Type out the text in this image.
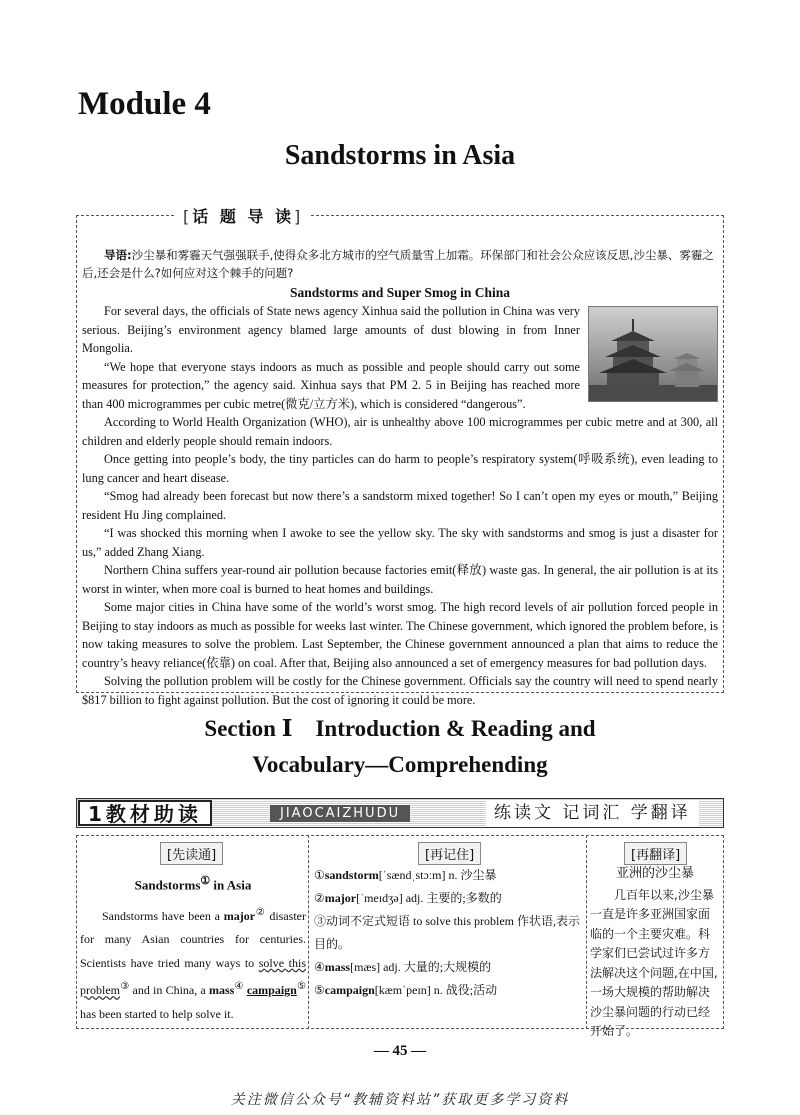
Module 4
Sandstorms in Asia
[话 题 导 读]
导语:沙尘暴和雾霾天气强强联手,使得众多北方城市的空气质量雪上加霜。环保部门和社会公众应该反思,沙尘暴、雾霾之后,还会是什么?如何应对这个棘手的问题?
Sandstorms and Super Smog in China

For several days, the officials of State news agency Xinhua said the pollution in China was very serious. Beijing’s environment agency blamed large amounts of dust blowing in from Inner Mongolia.

“We hope that everyone stays indoors as much as possible and people should carry out some measures for protection,” the agency said. Xinhua says that PM 2. 5 in Beijing has reached more than 400 microgrammes per cubic metre(微克/立方米), which is considered “dangerous”.

According to World Health Organization (WHO), air is unhealthy above 100 microgrammes per cubic metre and at 300, all children and elderly people should remain indoors.

Once getting into people’s body, the tiny particles can do harm to people’s respiratory system(呼吸系统), even leading to lung cancer and heart disease.

“Smog had already been forecast but now there’s a sandstorm mixed together! So I can’t open my eyes or mouth,” Beijing resident Hu Jing complained.

“I was shocked this morning when I awoke to see the yellow sky. The sky with sandstorms and smog is just a disaster for us,” added Zhang Xiang.

Northern China suffers year-round air pollution because factories emit(释放) waste gas. In general, the air pollution is at its worst in winter, when more coal is burned to heat homes and buildings.

Some major cities in China have some of the world’s worst smog. The high record levels of air pollution forced people in Beijing to stay indoors as much as possible for weeks last winter. The Chinese government, which ignored the problem before, is now taking measures to solve the problem. Last September, the Chinese government announced a plan that aims to reduce the country’s heavy reliance(依靠) on coal. After that, Beijing also announced a set of emergency measures for bad pollution days.

Solving the pollution problem will be costly for the Chinese government. Officials say the country will need to spend nearly $817 billion to fight against pollution. But the cost of ignoring it could be more.

Section Ⅰ　Introduction & Reading and
Vocabulary—Comprehending
1教材助读	JIAOCAIZHUDU	练读文 记词汇 学翻译
[先读通]	[再记住]	[再翻译]
Sandstorms① in Asia
Sandstorms have been a major② disaster for many Asian countries for centuries. Scientists have tried many ways to solve this problem③ and in China, a mass④ campaign⑤ has been started to help solve it.
①sandstorm[ˈsændˌstɔːm] n. 沙尘暴
②major[ˈmeɪdʒə] adj. 主要的;多数的
③动词不定式短语 to solve this problem 作状语,表示目的。
④mass[mæs] adj. 大量的;大规模的
⑤campaign[kæmˈpeɪn] n. 战役;活动
亚洲的沙尘暴
几百年以来,沙尘暴一直是许多亚洲国家面临的一个主要灾难。科学家们已尝试过许多方法解决这个问题,在中国,一场大规模的帮助解决沙尘暴问题的行动已经开始了。
— 45 —
关注微信公众号“教辅资料站”获取更多学习资料
